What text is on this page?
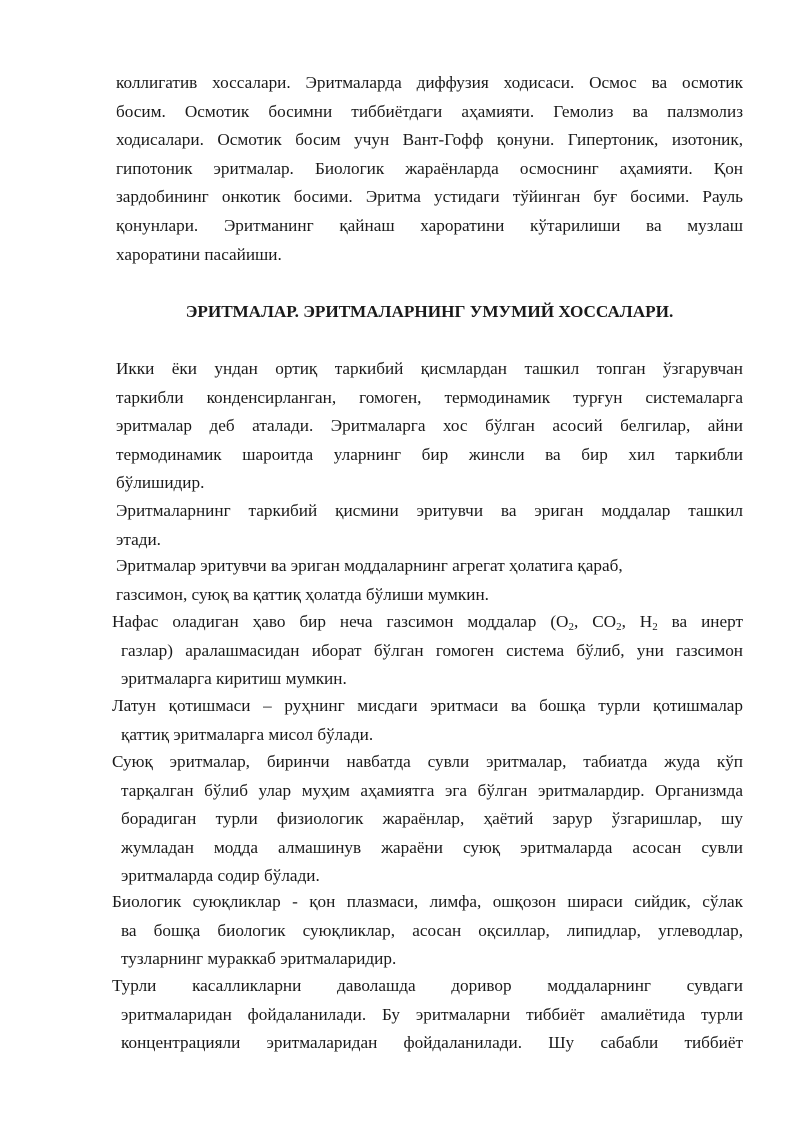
коллигатив хоссалари. Эритмаларда диффузия ходисаси. Осмос ва осмотик
босим. Осмотик босимни тиббиётдаги аҳамияти. Гемолиз ва палзмолиз
ходисалари. Осмотик босим учун Вант-Гофф қонуни. Гипертоник, изотоник,
гипотоник эритмалар. Биологик жараёнларда осмоснинг аҳамияти. Қон
зардобининг онкотик босими. Эритма устидаги тўйинган буғ босими. Рауль
қонунлари. Эритманинг қайнаш хароратини кўтарилиши ва музлаш
хароратини пасайиши.
ЭРИТМАЛАР. ЭРИТМАЛАРНИНГ УМУМИЙ ХОССАЛАРИ.
Икки ёки ундан ортиқ таркибий қисмлардан ташкил топган ўзгарувчан
таркибли конденсирланган, гомоген, термодинамик турғун системаларга
эритмалар деб аталади. Эритмаларга хос бўлган асосий белгилар, айни
термодинамик шароитда уларнинг бир жинсли ва бир хил таркибли
бўлишидир.
Эритмаларнинг таркибий қисмини эритувчи ва эриган моддалар ташкил
этади.
Эритмалар эритувчи ва эриган моддаларнинг агрегат ҳолатига қараб,
газсимон, суюқ ва қаттиқ ҳолатда бўлиши мумкин.
Нафас оладиган ҳаво бир неча газсимон моддалар ($O_2$, $CO_2$, $H_2$ ва инерт
газлар) аралашмасидан иборат бўлган гомоген система бўлиб, уни газсимон
эритмаларга киритиш мумкин.
Латун қотишмаси – руҳнинг мисдаги эритмаси ва бошқа турли қотишмалар
қаттиқ эритмаларга мисол бўлади.
Суюқ эритмалар, биринчи навбатда сувли эритмалар, табиатда жуда кўп
тарқалган бўлиб улар муҳим аҳамиятга эга бўлган эритмалардир. Организмда
борадиган турли физиологик жараёнлар, ҳаётий зарур ўзгаришлар, шу
жумладан модда алмашинув жараёни суюқ эритмаларда асосан сувли
эритмаларда содир бўлади.
Биологик суюқликлар - қон плазмаси, лимфа, ошқозон шираси сийдик, сўлак
ва бошқа биологик суюқликлар, асосан оқсиллар, липидлар, углеводлар,
тузларнинг мураккаб эритмаларидир.
Турли касалликларни даволашда доривор моддаларнинг сувдаги
эритмаларидан фойдаланилади. Бу эритмаларни тиббиёт амалиётида турли
концентрацияли эритмаларидан фойдаланилади. Шу сабабли тиббиёт
